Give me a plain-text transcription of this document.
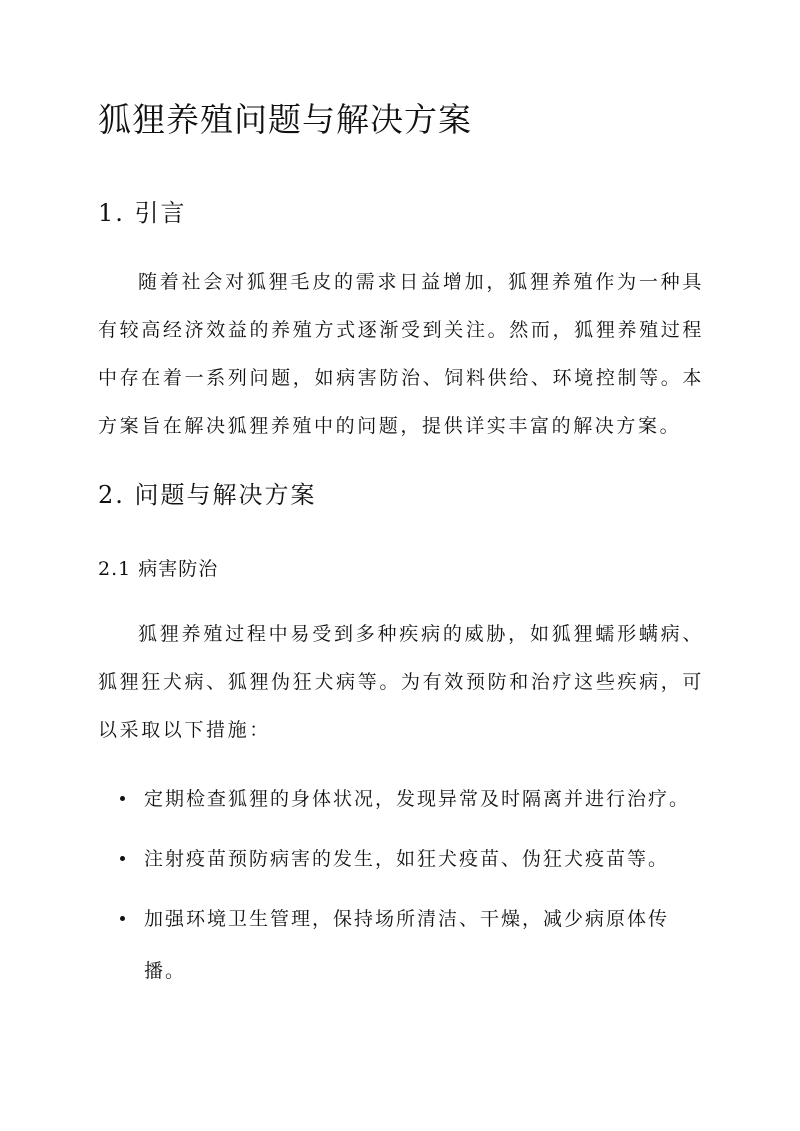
狐狸养殖问题与解决方案
1. 引言

随着社会对狐狸毛皮的需求日益增加，狐狸养殖作为一种具有较高经济效益的养殖方式逐渐受到关注。然而，狐狸养殖过程中存在着一系列问题，如病害防治、饲料供给、环境控制等。本方案旨在解决狐狸养殖中的问题，提供详实丰富的解决方案。

2. 问题与解决方案
2.1 病害防治

狐狸养殖过程中易受到多种疾病的威胁，如狐狸蠕形螨病、狐狸狂犬病、狐狸伪狂犬病等。为有效预防和治疗这些疾病，可以采取以下措施：

定期检查狐狸的身体状况，发现异常及时隔离并进行治疗。
注射疫苗预防病害的发生，如狂犬疫苗、伪狂犬疫苗等。
加强环境卫生管理，保持场所清洁、干燥，减少病原体传播。
